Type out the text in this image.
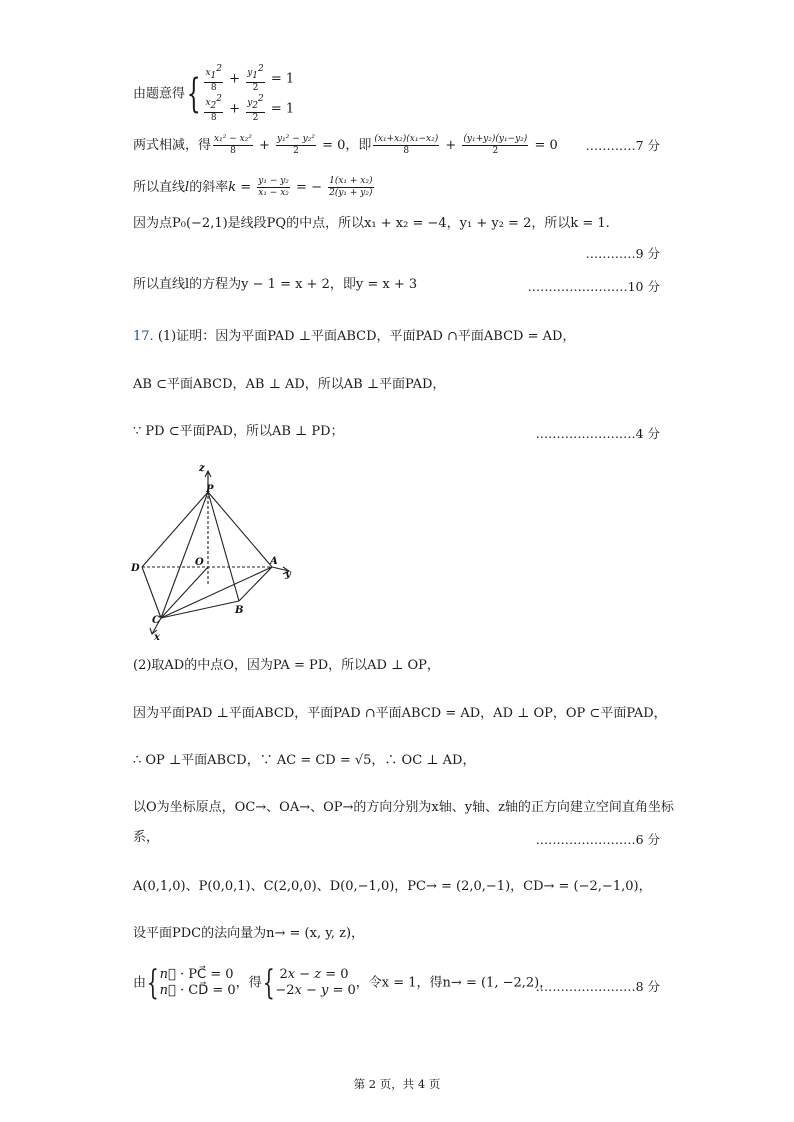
由题意得{ $\frac{x_1^2}{8} + \frac{y_1^2}{2} = 1$
$\frac{x_2^2}{8} + \frac{y_2^2}{2} = 1$
两式相减，得 $\frac{\text{x₁² − x₂²}}{8} + \frac{\text{y₁² − y₂²}}{2} = 0$，即 $\frac{\text{(x₁+x₂)(x₁−x₂)}}{8} + \frac{\text{(y₁+y₂)(y₁−y₂)}}{2} = 0$ …………7 分
所以直线l的斜率$k = \frac{\text{y₁ − y₂}}{\text{x₁ − x₂}}$ = − $\frac{\text{1(x₁ + x₂)}}{\text{2(y₁ + y₂)}}$
因为点P₀(−2,1)是线段PQ的中点，所以x₁ + x₂ = −4，y₁ + y₂ = 2，所以k = 1.
…………9 分
所以直线l的方程为y − 1 = x + 2，即y = x + 3	……………………10 分
17. (1)证明：因为平面PAD ⊥平面ABCD，平面PAD ∩平面ABCD = AD，
AB ⊂平面ABCD，AB ⊥ AD，所以AB ⊥平面PAD，
∵ PD ⊂平面PAD，所以AB ⊥ PD；	……………………4 分
z
P
D
O	A
y
B
C
x
(2)取AD的中点O，因为PA = PD，所以AD ⊥ OP，
因为平面PAD ⊥平面ABCD，平面PAD ∩平面ABCD = AD，AD ⊥ OP，OP ⊂平面PAD，
∴ OP ⊥平面ABCD，∵ AC = CD = √5，∴ OC ⊥ AD，
以O为坐标原点，OC→、OA→、OP→的方向分别为x轴、y轴、z轴的正方向建立空间直角坐标
系，	……………………6 分
A(0,1,0)、P(0,0,1)、C(2,0,0)、D(0,−1,0)，PC→ = (2,0,−1)，CD→ = (−2,−1,0)，
设平面PDC的法向量为n→ = (x, y, z)，
由{ n⃗ · PC⃗ = 0
n⃗ · CD⃗ = 0 ，得{ 2x − z = 0
−2x − y = 0 ，令x = 1，得n→ = (1, −2,2)，
……………………8 分
第 2 页，共 4 页
